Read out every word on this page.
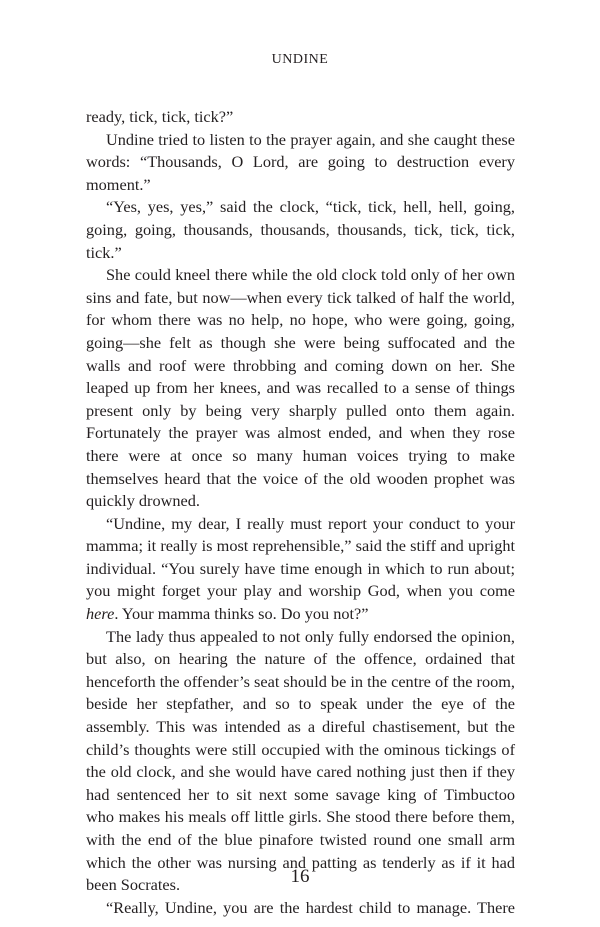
UNDINE

ready, tick, tick, tick?”

Undine tried to listen to the prayer again, and she caught these words: “Thousands, O Lord, are going to destruction every moment.”

“Yes, yes, yes,” said the clock, “tick, tick, hell, hell, going, going, going, thousands, thousands, thousands, tick, tick, tick, tick.”

She could kneel there while the old clock told only of her own sins and fate, but now—when every tick talked of half the world, for whom there was no help, no hope, who were going, going, going—she felt as though she were being suffocated and the walls and roof were throbbing and coming down on her. She leaped up from her knees, and was recalled to a sense of things present only by being very sharply pulled onto them again. Fortunately the prayer was almost ended, and when they rose there were at once so many human voices trying to make themselves heard that the voice of the old wooden prophet was quickly drowned.

“Undine, my dear, I really must report your conduct to your mamma; it really is most reprehensible,” said the stiff and upright individual. “You surely have time enough in which to run about; you might forget your play and worship God, when you come here. Your mamma thinks so. Do you not?”

The lady thus appealed to not only fully endorsed the opinion, but also, on hearing the nature of the offence, ordained that henceforth the offender’s seat should be in the centre of the room, beside her stepfather, and so to speak under the eye of the assembly. This was intended as a direful chastisement, but the child’s thoughts were still occupied with the ominous tickings of the old clock, and she would have cared nothing just then if they had sentenced her to sit next some savage king of Timbuctoo who makes his meals off little girls. She stood there before them, with the end of the blue pinafore twisted round one small arm which the other was nursing and patting as tenderly as if it had been Socrates.

“Really, Undine, you are the hardest child to manage. There

16
